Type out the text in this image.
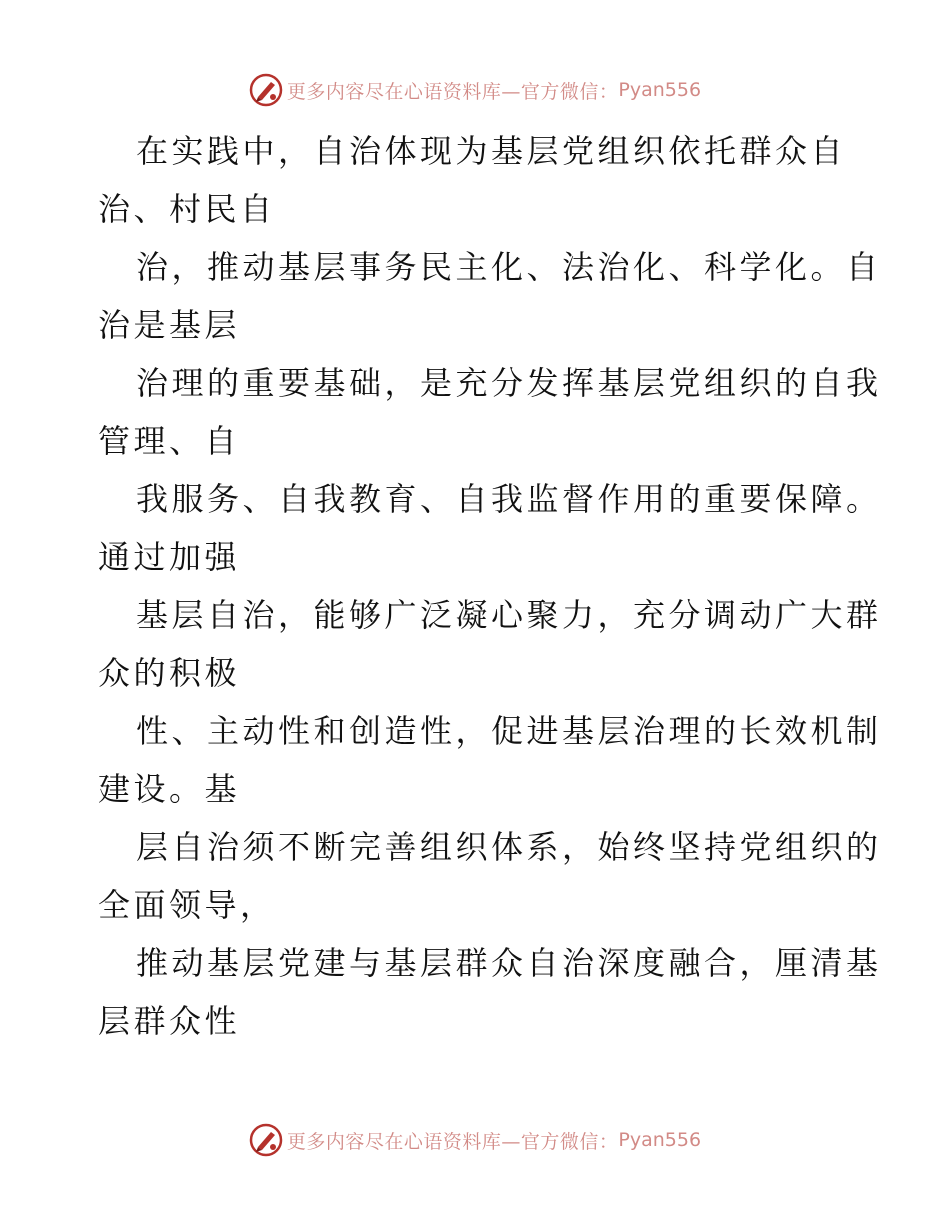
更多内容尽在心语资料库—官方微信： Pyan556
在实践中，自治体现为基层党组织依托群众自
治、村民自
治，推动基层事务民主化、法治化、科学化。自
治是基层
治理的重要基础，是充分发挥基层党组织的自我
管理、自
我服务、自我教育、自我监督作用的重要保障。
通过加强
基层自治，能够广泛凝心聚力，充分调动广大群
众的积极
性、主动性和创造性，促进基层治理的长效机制
建设。基
层自治须不断完善组织体系，始终坚持党组织的
全面领导，
推动基层党建与基层群众自治深度融合，厘清基
层群众性
更多内容尽在心语资料库—官方微信： Pyan556
